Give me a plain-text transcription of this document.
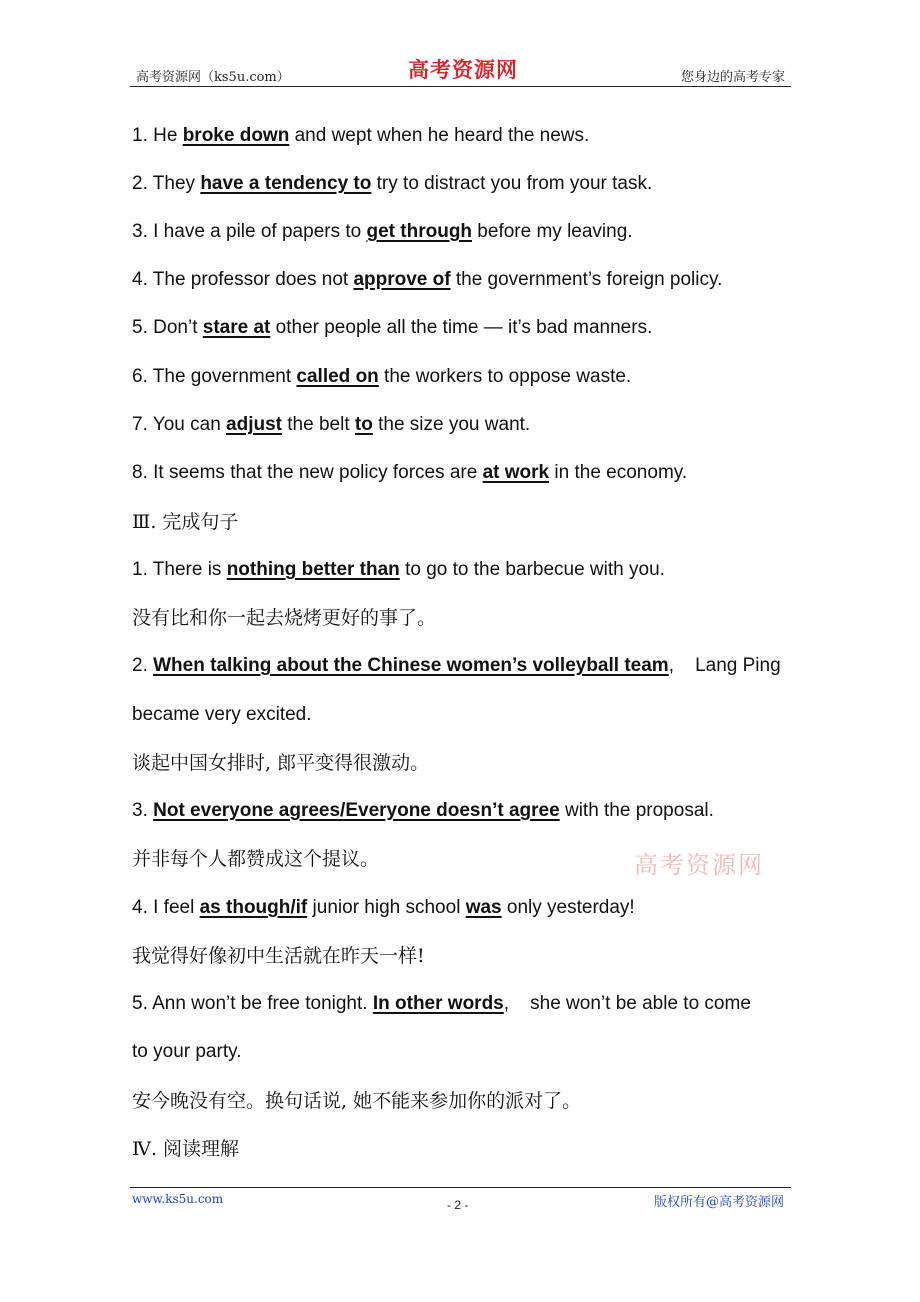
高考资源网（ks5u.com）	高考资源网	您身边的高考专家
1. He broke down and wept when he heard the news.
2. They have a tendency to try to distract you from your task.
3. I have a pile of papers to get through before my leaving.
4. The professor does not approve of the government’s foreign policy.
5. Don’t stare at other people all the time — it’s bad manners.
6. The government called on the workers to oppose waste.
7. You can adjust the belt to the size you want.
8. It seems that the new policy forces are at work in the economy.
Ⅲ. 完成句子
1. There is nothing better than to go to the barbecue with you.
没有比和你一起去烧烤更好的事了。
2. When talking about the Chinese women’s volleyball team,    Lang Ping
became very excited.
谈起中国女排时, 郎平变得很激动。
3. Not everyone agrees/Everyone doesn’t agree with the proposal.
并非每个人都赞成这个提议。
4. I feel as though/if junior high school was only yesterday!
我觉得好像初中生活就在昨天一样!
5. Ann won’t be free tonight. In other words,    she won’t be able to come
to your party.
安今晚没有空。换句话说, 她不能来参加你的派对了。
Ⅳ. 阅读理解
高考资源网
www.ks5u.com	- 2 -	版权所有@高考资源网
